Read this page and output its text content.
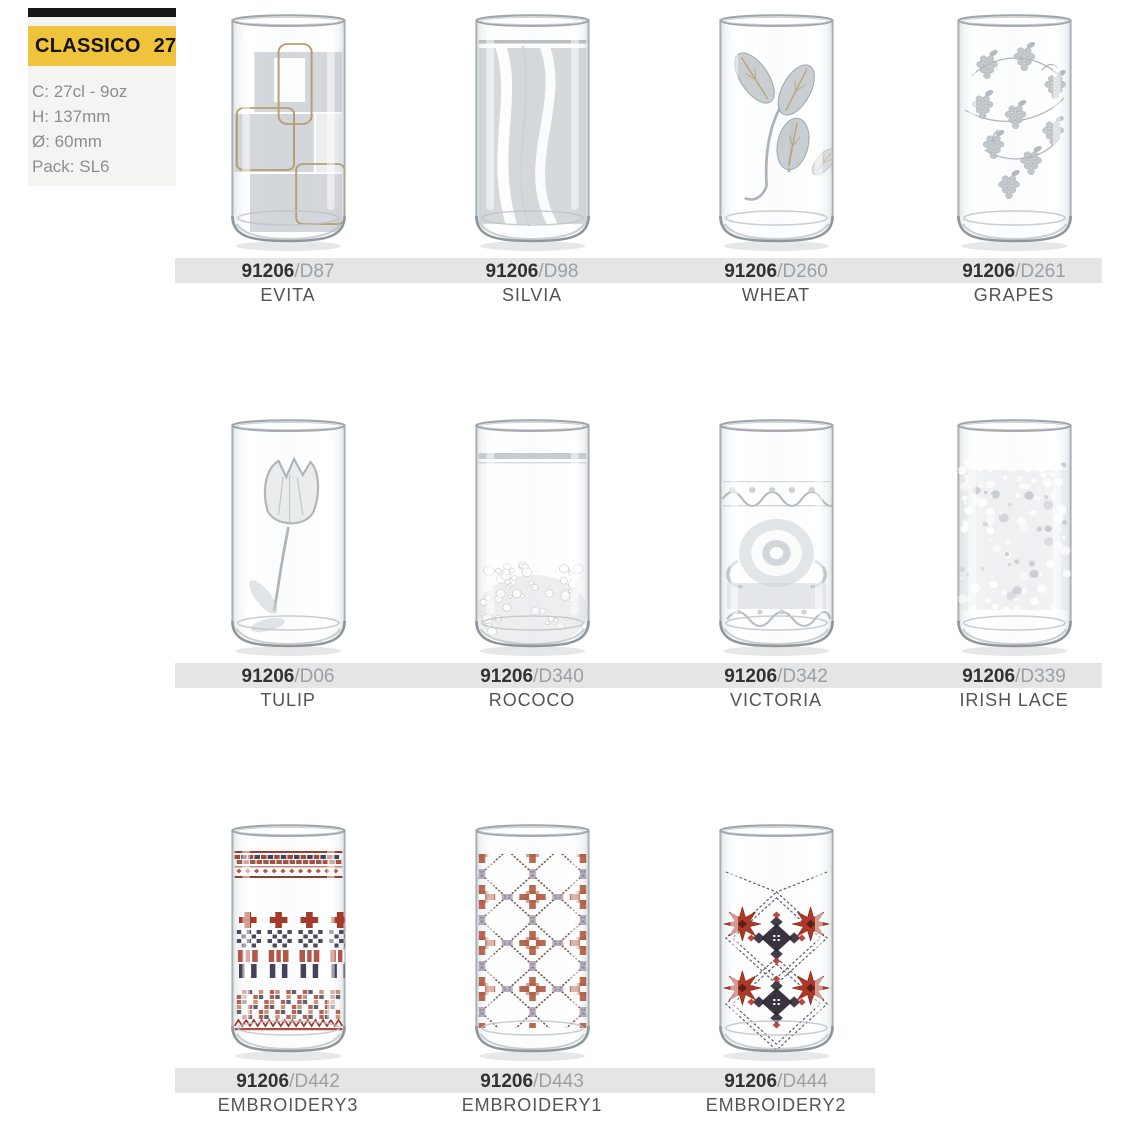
CLASSICO 27
C: 27cl - 9oz
H: 137mm
Ø: 60mm
Pack: SL6
91206/D87
EVITA
91206/D98
SILVIA
91206/D260
WHEAT
91206/D261
GRAPES
91206/D06
TULIP
91206/D340
ROCOCO
91206/D342
VICTORIA
91206/D339
IRISH LACE
91206/D442
EMBROIDERY3
91206/D443
EMBROIDERY1
91206/D444
EMBROIDERY2
